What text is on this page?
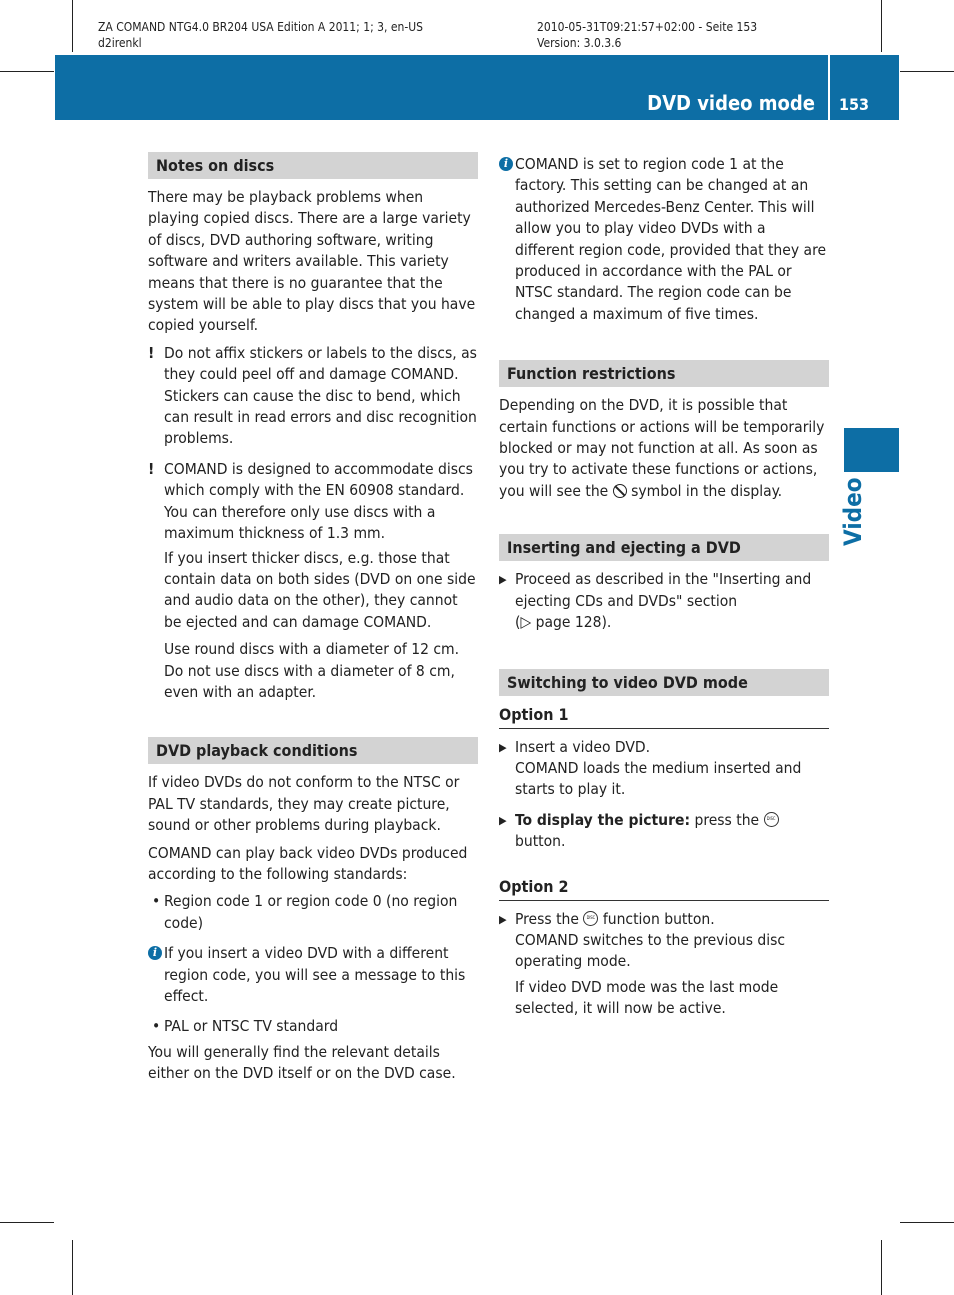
ZA COMAND NTG4.0 BR204 USA Edition A 2011; 1; 3, en-US
d2irenkl
2010-05-31T09:21:57+02:00 - Seite 153
Version: 3.0.3.6
DVD video mode 153
Video
Notes on discs

There may be playback problems when playing copied discs. There are a large variety of discs, DVD authoring software, writing software and writers available. This variety means that there is no guarantee that the system will be able to play discs that you have copied yourself.

! Do not affix stickers or labels to the discs, as they could peel off and damage COMAND. Stickers can cause the disc to bend, which can result in read errors and disc recognition problems.
! COMAND is designed to accommodate discs which comply with the EN 60908 standard. You can therefore only use discs with a maximum thickness of 1.3 mm.

If you insert thicker discs, e.g. those that contain data on both sides (DVD on one side and audio data on the other), they cannot be ejected and can damage COMAND.

Use round discs with a diameter of 12 cm. Do not use discs with a diameter of 8 cm, even with an adapter.

DVD playback conditions

If video DVDs do not conform to the NTSC or PAL TV standards, they may create picture, sound or other problems during playback.

COMAND can play back video DVDs produced according to the following standards:

• Region code 1 or region code 0 (no region code)
i If you insert a video DVD with a different region code, you will see a message to this effect.
• PAL or NTSC TV standard

You will generally find the relevant details either on the DVD itself or on the DVD case.

i COMAND is set to region code 1 at the factory. This setting can be changed at an authorized Mercedes-Benz Center. This will allow you to play video DVDs with a different region code, provided that they are produced in accordance with the PAL or NTSC standard. The region code can be changed a maximum of five times.
Function restrictions

Depending on the DVD, it is possible that certain functions or actions will be temporarily blocked or may not function at all. As soon as you try to activate these functions or actions, you will see the symbol in the display.

Inserting and ejecting a DVD
▶ Proceed as described in the "Inserting and ejecting CDs and DVDs" section
(▷ page 128).
Switching to video DVD mode
Option 1
▶ Insert a video DVD.
COMAND loads the medium inserted and starts to play it.
▶ To display the picture: press the DISC button.
Option 2
▶ Press the DISC function button.
COMAND switches to the previous disc operating mode.

If video DVD mode was the last mode selected, it will now be active.
